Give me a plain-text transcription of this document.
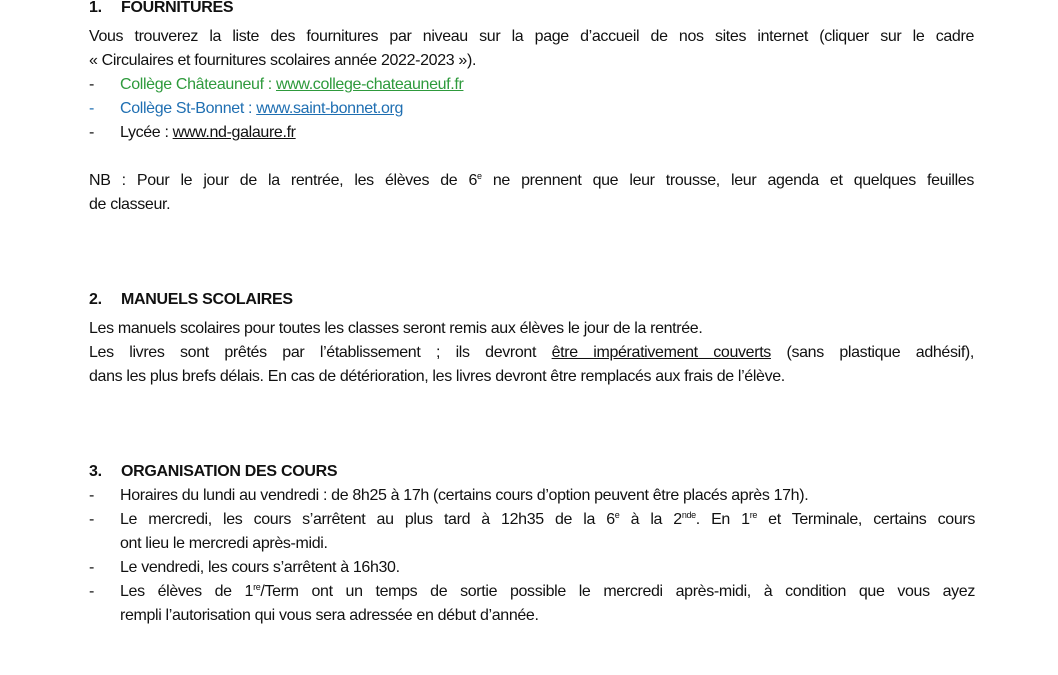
1. FOURNITURES
Vous trouverez la liste des fournitures par niveau sur la page d’accueil de nos sites internet (cliquer sur le cadre
« Circulaires et fournitures scolaires année 2022-2023 »).
- Collège Châteauneuf : www.college-chateauneuf.fr
- Collège St-Bonnet : www.saint-bonnet.org
- Lycée : www.nd-galaure.fr
NB : Pour le jour de la rentrée, les élèves de 6e ne prennent que leur trousse, leur agenda et quelques feuilles
de classeur.
2. MANUELS SCOLAIRES
Les manuels scolaires pour toutes les classes seront remis aux élèves le jour de la rentrée.
Les livres sont prêtés par l’établissement ; ils devront être impérativement couverts (sans plastique adhésif),
dans les plus brefs délais. En cas de détérioration, les livres devront être remplacés aux frais de l’élève.
3. ORGANISATION DES COURS
- Horaires du lundi au vendredi : de 8h25 à 17h (certains cours d’option peuvent être placés après 17h).
- Le mercredi, les cours s’arrêtent au plus tard à 12h35 de la 6e à la 2nde. En 1re et Terminale, certains cours
ont lieu le mercredi après-midi.
- Le vendredi, les cours s’arrêtent à 16h30.
- Les élèves de 1re/Term ont un temps de sortie possible le mercredi après-midi, à condition que vous ayez
rempli l’autorisation qui vous sera adressée en début d’année.
